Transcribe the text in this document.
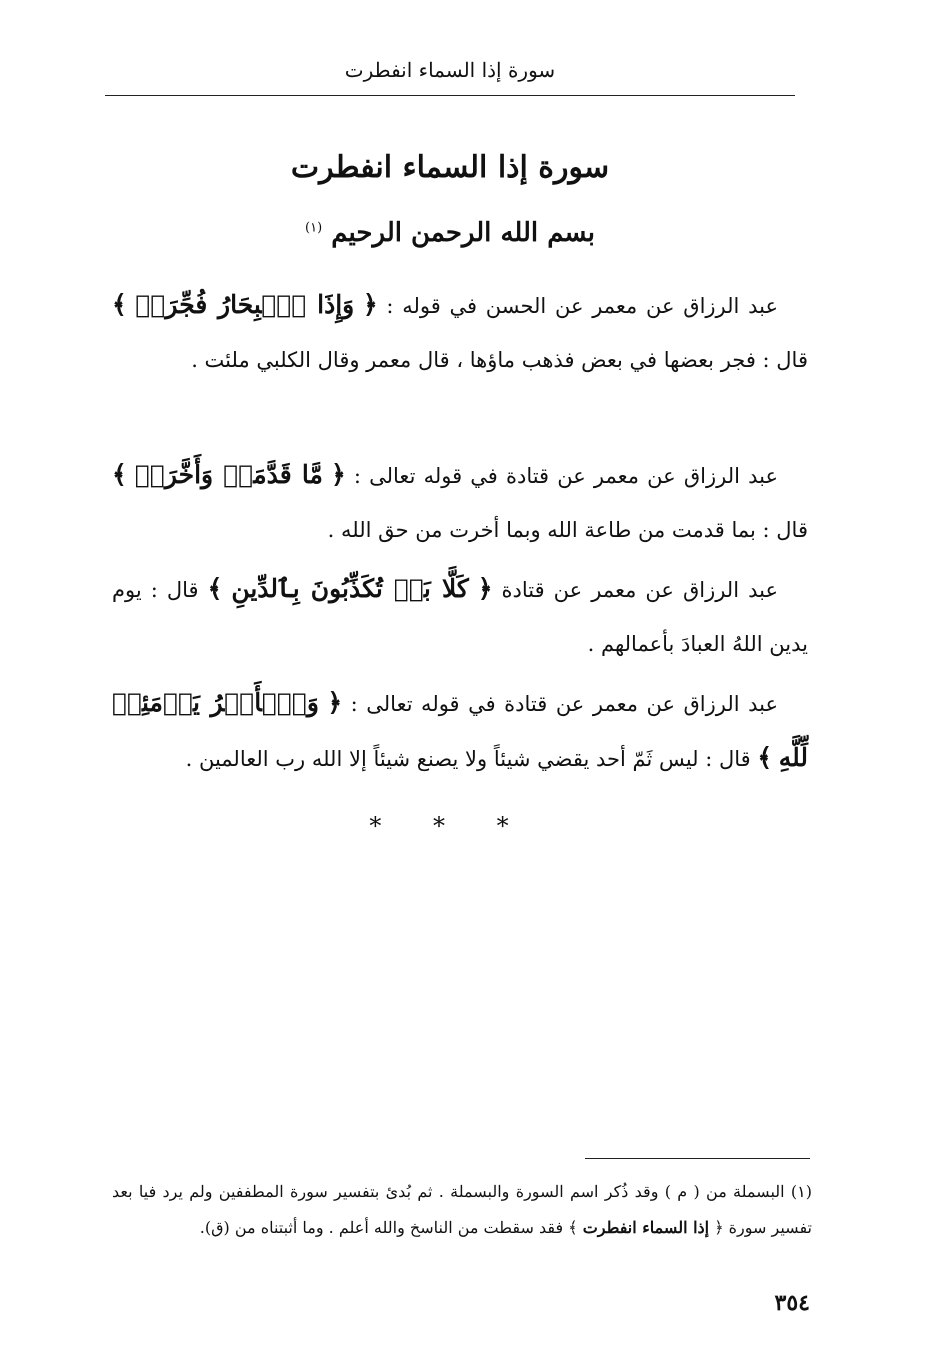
سورة إذا السماء انفطرت
سورة إذا السماء انفطرت
بسم الله الرحمن الرحيم $^{(١)}$

عبد الرزاق عن معمر عن الحسن في قوله : ﴿ وَإِذَا ٱلۡبِحَارُ فُجِّرَتۡ ﴾ قال : فجر بعضها في بعض فذهب ماؤها ، قال معمر وقال الكلبي ملئت .

عبد الرزاق عن معمر عن قتادة في قوله تعالى : ﴿ مَّا قَدَّمَتۡ وَأَخَّرَتۡ ﴾ قال : بما قدمت من طاعة الله وبما أخرت من حق الله .

عبد الرزاق عن معمر عن قتادة ﴿ كَلَّا بَلۡ تُكَذِّبُونَ بِٱلدِّينِ ﴾ قال : يوم يدين اللهُ العبادَ بأعمالهم .

عبد الرزاق عن معمر عن قتادة في قوله تعالى : ﴿ وَٱلۡأَمۡرُ يَوۡمَئِذٖ لِّلَّهِ ﴾ قال : ليس ثَمّ أحد يقضي شيئاً ولا يصنع شيئاً إلا الله رب العالمين .

* * *

(١) البسملة من ( م ) وقد ذُكر اسم السورة والبسملة . ثم بُدئ بتفسير سورة المطففين ولم يرد فيا بعد تفسير سورة ﴿ إذا السماء انفطرت ﴾ فقد سقطت من الناسخ والله أعلم . وما أثبتناه من (ق).

٣٥٤
